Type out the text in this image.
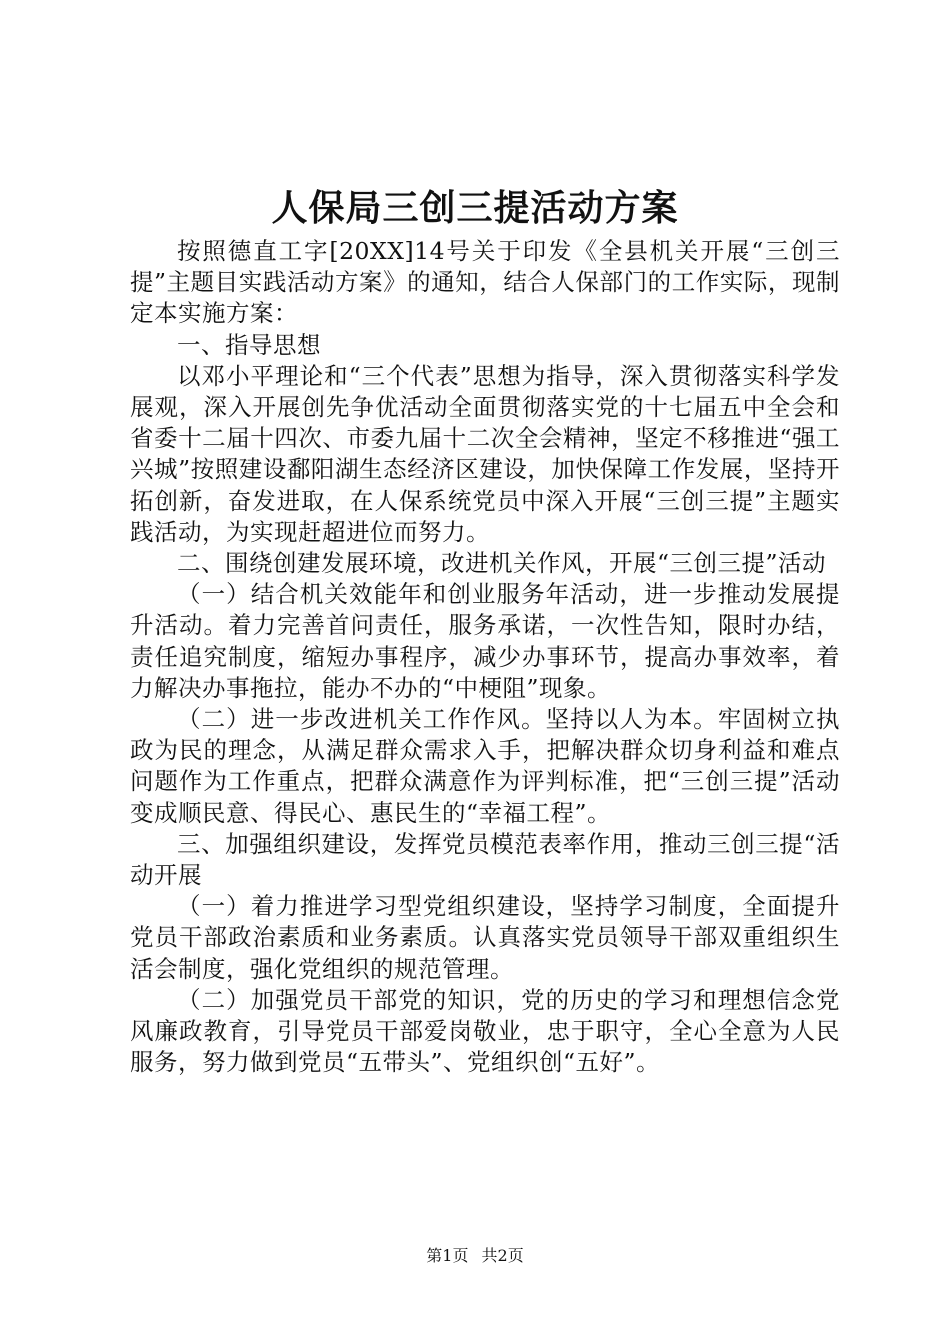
人保局三创三提活动方案

按照德直工字[20XX]14号关于印发《全县机关开展“三创三提”主题目实践活动方案》的通知，结合人保部门的工作实际，现制定本实施方案：

一、指导思想

以邓小平理论和“三个代表”思想为指导，深入贯彻落实科学发展观，深入开展创先争优活动全面贯彻落实党的十七届五中全会和省委十二届十四次、市委九届十二次全会精神，坚定不移推进“强工兴城”按照建设鄱阳湖生态经济区建设，加快保障工作发展，坚持开拓创新，奋发进取，在人保系统党员中深入开展“三创三提”主题实践活动，为实现赶超进位而努力。

二、围绕创建发展环境，改进机关作风，开展“三创三提”活动

（一）结合机关效能年和创业服务年活动，进一步推动发展提升活动。着力完善首问责任，服务承诺，一次性告知，限时办结，责任追究制度，缩短办事程序，减少办事环节，提高办事效率，着力解决办事拖拉，能办不办的“中梗阻”现象。

（二）进一步改进机关工作作风。坚持以人为本。牢固树立执政为民的理念，从满足群众需求入手，把解决群众切身利益和难点问题作为工作重点，把群众满意作为评判标准，把“三创三提”活动变成顺民意、得民心、惠民生的“幸福工程”。

三、加强组织建设，发挥党员模范表率作用，推动三创三提“活动开展

（一）着力推进学习型党组织建设，坚持学习制度，全面提升党员干部政治素质和业务素质。认真落实党员领导干部双重组织生活会制度，强化党组织的规范管理。

（二）加强党员干部党的知识，党的历史的学习和理想信念党风廉政教育，引导党员干部爱岗敬业，忠于职守，全心全意为人民服务，努力做到党员“五带头”、党组织创“五好”。

第1页 共2页
